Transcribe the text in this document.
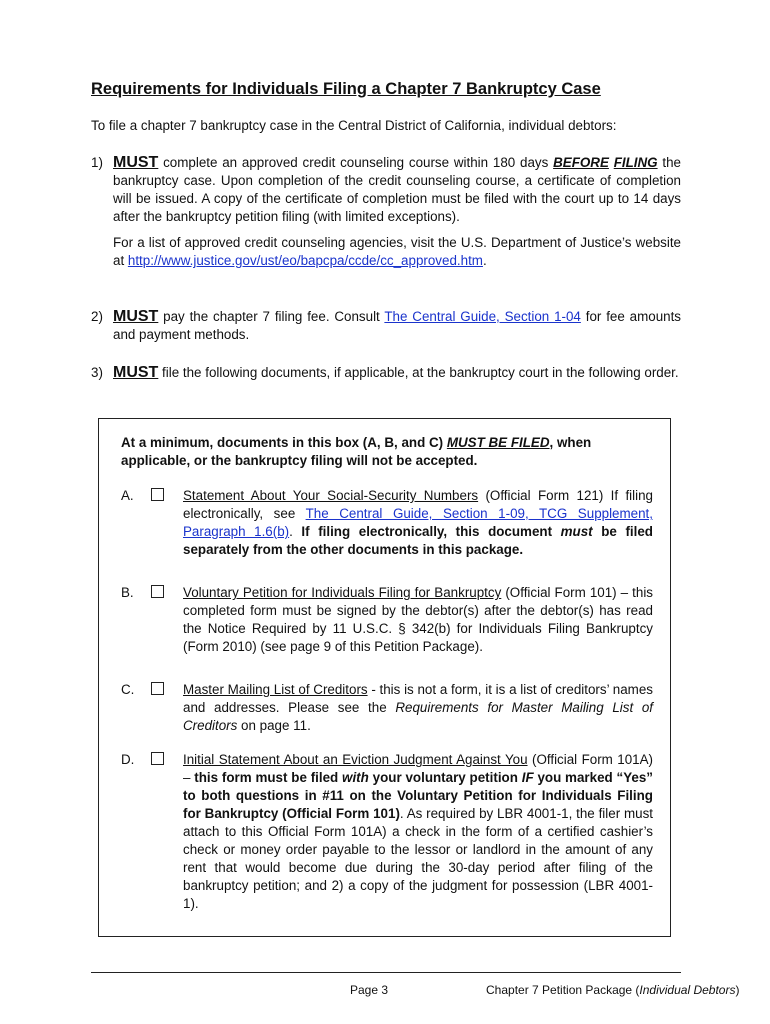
Requirements for Individuals Filing a Chapter 7 Bankruptcy Case
To file a chapter 7 bankruptcy case in the Central District of California, individual debtors:
1) MUST complete an approved credit counseling course within 180 days BEFORE FILING the bankruptcy case. Upon completion of the credit counseling course, a certificate of completion will be issued. A copy of the certificate of completion must be filed with the court up to 14 days after the bankruptcy petition filing (with limited exceptions).
For a list of approved credit counseling agencies, visit the U.S. Department of Justice’s website at http://www.justice.gov/ust/eo/bapcpa/ccde/cc_approved.htm.
2) MUST pay the chapter 7 filing fee. Consult The Central Guide, Section 1-04 for fee amounts and payment methods.
3) MUST file the following documents, if applicable, at the bankruptcy court in the following order.
At a minimum, documents in this box (A, B, and C) MUST BE FILED, when applicable, or the bankruptcy filing will not be accepted.
A.	Statement About Your Social-Security Numbers (Official Form 121) If filing electronically, see The Central Guide, Section 1-09, TCG Supplement, Paragraph 1.6(b). If filing electronically, this document must be filed separately from the other documents in this package.
B.	Voluntary Petition for Individuals Filing for Bankruptcy (Official Form 101) – this completed form must be signed by the debtor(s) after the debtor(s) has read the Notice Required by 11 U.S.C. § 342(b) for Individuals Filing Bankruptcy (Form 2010) (see page 9 of this Petition Package).
C.	Master Mailing List of Creditors - this is not a form, it is a list of creditors’ names and addresses. Please see the Requirements for Master Mailing List of Creditors on page 11.
D.	Initial Statement About an Eviction Judgment Against You (Official Form 101A) – this form must be filed with your voluntary petition IF you marked “Yes” to both questions in #11 on the Voluntary Petition for Individuals Filing for Bankruptcy (Official Form 101). As required by LBR 4001-1, the filer must attach to this Official Form 101A) a check in the form of a certified cashier’s check or money order payable to the lessor or landlord in the amount of any rent that would become due during the 30-day period after filing of the bankruptcy petition; and 2) a copy of the judgment for possession (LBR 4001-1).
Page 3	Chapter 7 Petition Package (Individual Debtors)
